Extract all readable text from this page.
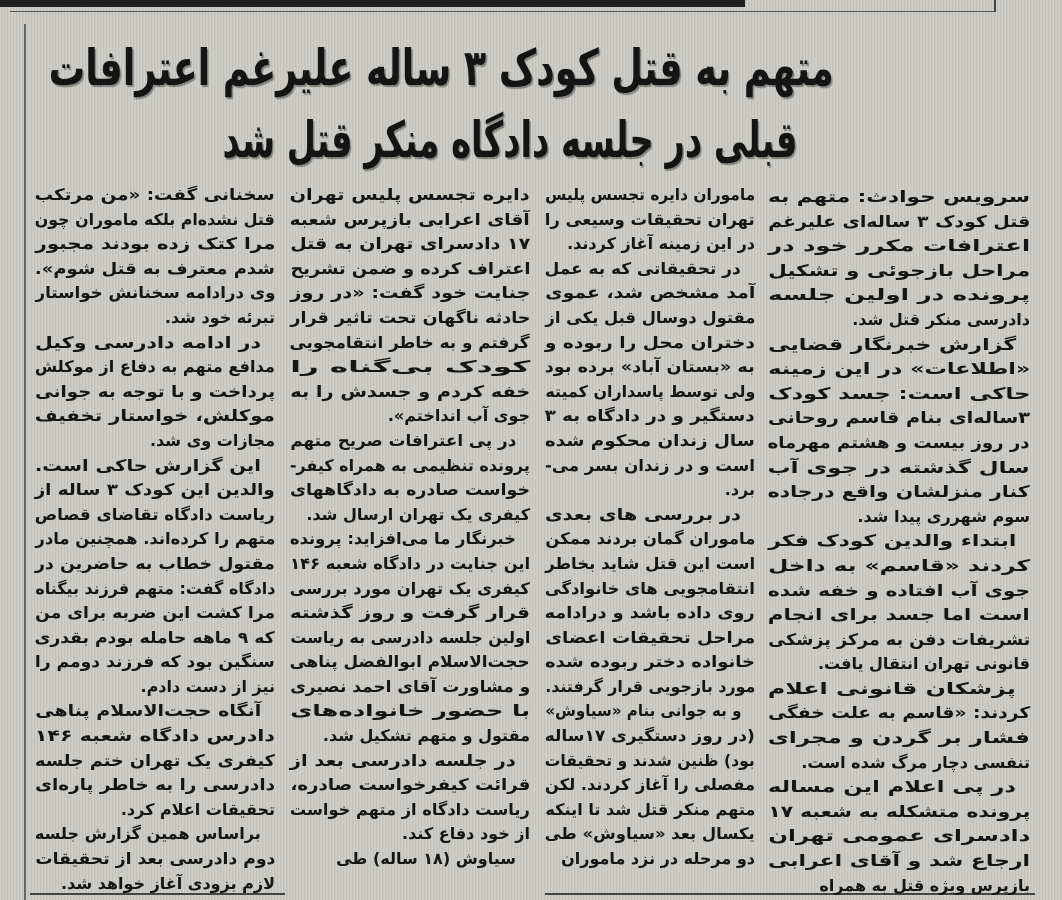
متهم به قتل کودک ۳ ساله علیرغم اعترافات
قبلی در جلسه دادگاه منکر قتل شد
سرویس حوادث: متهم به
قتل کودک ۳ ساله‌ای علیرغم
اعترافات مکرر خود در
مراحل بازجوئی و تشکیل
پرونده در اولین جلسه
دادرسی منکر قتل شد.
گزارش خبرنگار قضایی
«اطلاعات» در این زمینه
حاکی است: جسد کودک
۳ساله‌ای بنام قاسم روحانی
در روز بیست و هشتم مهرماه
سال گذشته در جوی آب
کنار منزلشان واقع درجاده
سوم شهرری پیدا شد.
ابتداء والدین کودک فکر
کردند «قاسم» به داخل
جوی آب افتاده و خفه شده
است اما جسد برای انجام
تشریفات دفن به مرکز پزشکی
قانونی تهران انتقال یافت.
پزشکان قانونی اعلام
کردند: «قاسم به علت خفگی
فشار بر گردن و مجرای
تنفسی دچار مرگ شده است.
در پی اعلام این مساله
پرونده متشکله به شعبه ۱۷
دادسرای عمومی تهران
ارجاع شد و آقای اعرابی
بازپرس ویژه قتل به همراه
ماموران دایره تجسس پلیس
تهران تحقیقات وسیعی را
در این زمینه آغاز کردند.
در تحقیقاتی که به عمل
آمد مشخص شد، عموی
مقتول دوسال قبل یکی از
دختران محل را ربوده و
به «بستان آباد» برده بود
ولی توسط پاسداران کمیته
دستگیر و در دادگاه به ۳
سال زندان محکوم شده
است و در زندان بسر می-
برد.
در بررسی های بعدی
ماموران گمان بردند ممکن
است این قتل شاید بخاطر
انتقامجویی های خانوادگی
روی داده باشد و درادامه
مراحل تحقیقات اعضای
خانواده دختر ربوده شده
مورد بازجویی قرار گرفتند.
و به جوانی بنام «سیاوش»
(در روز دستگیری ۱۷ساله
بود) ظنین شدند و تحقیقات
مفصلی را آغاز کردند. لکن
متهم منکر قتل شد تا اینکه
یکسال بعد «سیاوش» طی
دو مرحله در نزد ماموران
دایره تجسس پلیس تهران
آقای اعرابی بازپرس شعبه
۱۷ دادسرای تهران به قتل
اعتراف کرده و ضمن تشریح
جنایت خود گفت: «در روز
حادثه ناگهان تحت تاثیر قرار
گرفتم و به خاطر انتقامجویی
کودک بی‌گناه را
خفه کردم و جسدش را به
جوی آب انداختم».
در پی اعترافات صریح متهم
پرونده تنظیمی به همراه کیفر-
خواست صادره به دادگاههای
کیفری یک تهران ارسال شد.
خبرنگار ما می‌افزاید: پرونده
این جنایت در دادگاه شعبه ۱۴۶
کیفری یک تهران مورد بررسی
قرار گرفت و روز گذشته
اولین جلسه دادرسی به ریاست
حجت‌الاسلام ابوالفضل پناهی
و مشاورت آقای احمد نصیری
با حضور خانواده‌های
مقتول و متهم تشکیل شد.
در جلسه دادرسی بعد از
قرائت کیفرخواست صادره،
ریاست دادگاه از متهم خواست
از خود دفاع کند.
سیاوش (۱۸ ساله) طی
سخنانی گفت: «من مرتکب
قتل نشده‌ام بلکه ماموران چون
مرا کتک زده بودند مجبور
شدم معترف به قتل شوم».
وی درادامه سخنانش خواستار
تبرئه خود شد.
در ادامه دادرسی وکیل
مدافع متهم به دفاع از موکلش
پرداخت و با توجه به جوانی
موکلش، خواستار تخفیف
مجازات وی شد.
این گزارش حاکی است.
والدین این کودک ۳ ساله از
ریاست دادگاه تقاضای قصاص
متهم را کرده‌اند. همچنین مادر
مقتول خطاب به حاضرین در
دادگاه گفت: متهم فرزند بیگناه
مرا کشت این ضربه برای من
که ۹ ماهه حامله بودم بقدری
سنگین بود که فرزند دومم را
نیز از دست دادم.
آنگاه حجت‌الاسلام پناهی
دادرس دادگاه شعبه ۱۴۶
کیفری یک تهران ختم جلسه
دادرسی را به خاطر پاره‌ای
تحقیقات اعلام کرد.
براساس همین گزارش جلسه
دوم دادرسی بعد از تحقیقات
لازم بزودی آغاز خواهد شد.
